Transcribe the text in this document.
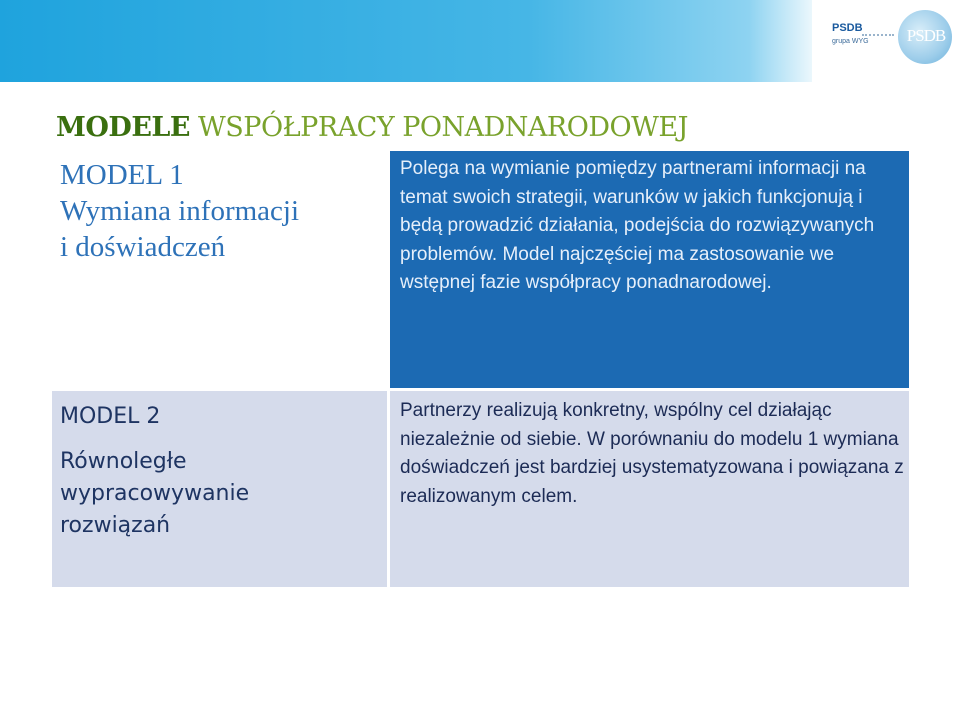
PSDB
grupa WYG PSDB
MODELE WSPÓŁPRACY PONADNARODOWEJ
MODEL 1
Wymiana informacji
i doświadczeń
Polega na wymianie pomiędzy partnerami informacji na temat swoich strategii, warunków w jakich funkcjonują i będą prowadzić działania, podejścia do rozwiązywanych problemów. Model najczęściej ma zastosowanie we wstępnej fazie współpracy ponadnarodowej.
MODEL 2
Równoległe
wypracowywanie rozwiązań
Partnerzy realizują konkretny, wspólny cel działając niezależnie od siebie. W porównaniu do modelu 1 wymiana doświadczeń jest bardziej usystematyzowana i powiązana z realizowanym celem.
